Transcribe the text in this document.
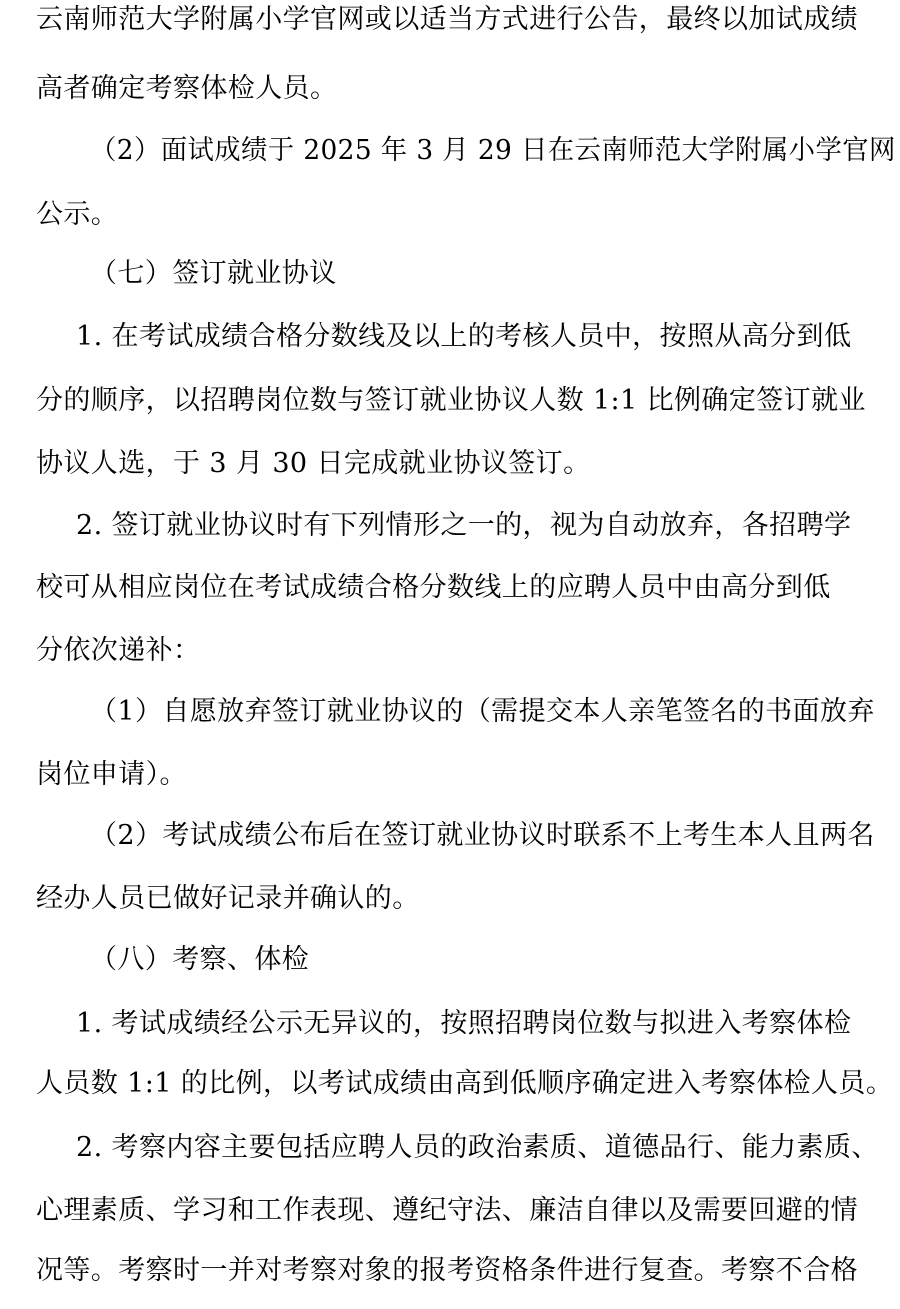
云南师范大学附属小学官网或以适当方式进行公告，最终以加试成绩
高者确定考察体检人员。
（2）面试成绩于 2025 年 3 月 29 日在云南师范大学附属小学官网
公示。
（七）签订就业协议
1. 在考试成绩合格分数线及以上的考核人员中，按照从高分到低
分的顺序，以招聘岗位数与签订就业协议人数 1:1 比例确定签订就业
协议人选，于 3 月 30 日完成就业协议签订。
2. 签订就业协议时有下列情形之一的，视为自动放弃，各招聘学
校可从相应岗位在考试成绩合格分数线上的应聘人员中由高分到低
分依次递补：
（1）自愿放弃签订就业协议的（需提交本人亲笔签名的书面放弃
岗位申请）。
（2）考试成绩公布后在签订就业协议时联系不上考生本人且两名
经办人员已做好记录并确认的。
（八）考察、体检
1. 考试成绩经公示无异议的，按照招聘岗位数与拟进入考察体检
人员数 1:1 的比例，以考试成绩由高到低顺序确定进入考察体检人员。
2. 考察内容主要包括应聘人员的政治素质、道德品行、能力素质、
心理素质、学习和工作表现、遵纪守法、廉洁自律以及需要回避的情
况等。考察时一并对考察对象的报考资格条件进行复查。考察不合格
